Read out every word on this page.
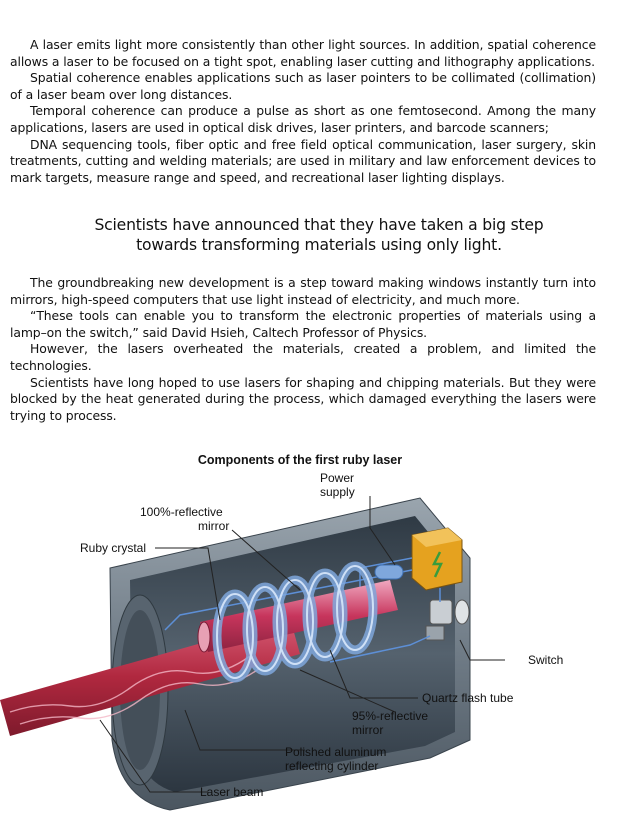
A laser emits light more consistently than other light sources. In addition, spatial coherence allows a laser to be focused on a tight spot, enabling laser cutting and lithography applications.

Spatial coherence enables applications such as laser pointers to be collimated (collimation) of a laser beam over long distances.

Temporal coherence can produce a pulse as short as one femtosecond. Among the many applications, lasers are used in optical disk drives, laser printers, and barcode scanners;

DNA sequencing tools, fiber optic and free field optical communication, laser surgery, skin treatments, cutting and welding materials; are used in military and law enforcement devices to mark targets, measure range and speed, and recreational laser lighting displays.

Scientists have announced that they have taken a big step
towards transforming materials using only light.

The groundbreaking new development is a step toward making windows instantly turn into mirrors, high-speed computers that use light instead of electricity, and much more.

“These tools can enable you to transform the electronic properties of materials using a lamp–on the switch,” said David Hsieh, Caltech Professor of Physics.

However, the lasers overheated the materials, created a problem, and limited the technologies.

Scientists have long hoped to use lasers for shaping and chipping materials. But they were blocked by the heat generated during the process, which damaged everything the lasers were trying to process.

Components of the first ruby laser
Power
supply
100%-reflective
mirror
Ruby crystal
Switch
Quartz flash tube
95%-reflective
mirror
Polished aluminum
reflecting cylinder
Laser beam
